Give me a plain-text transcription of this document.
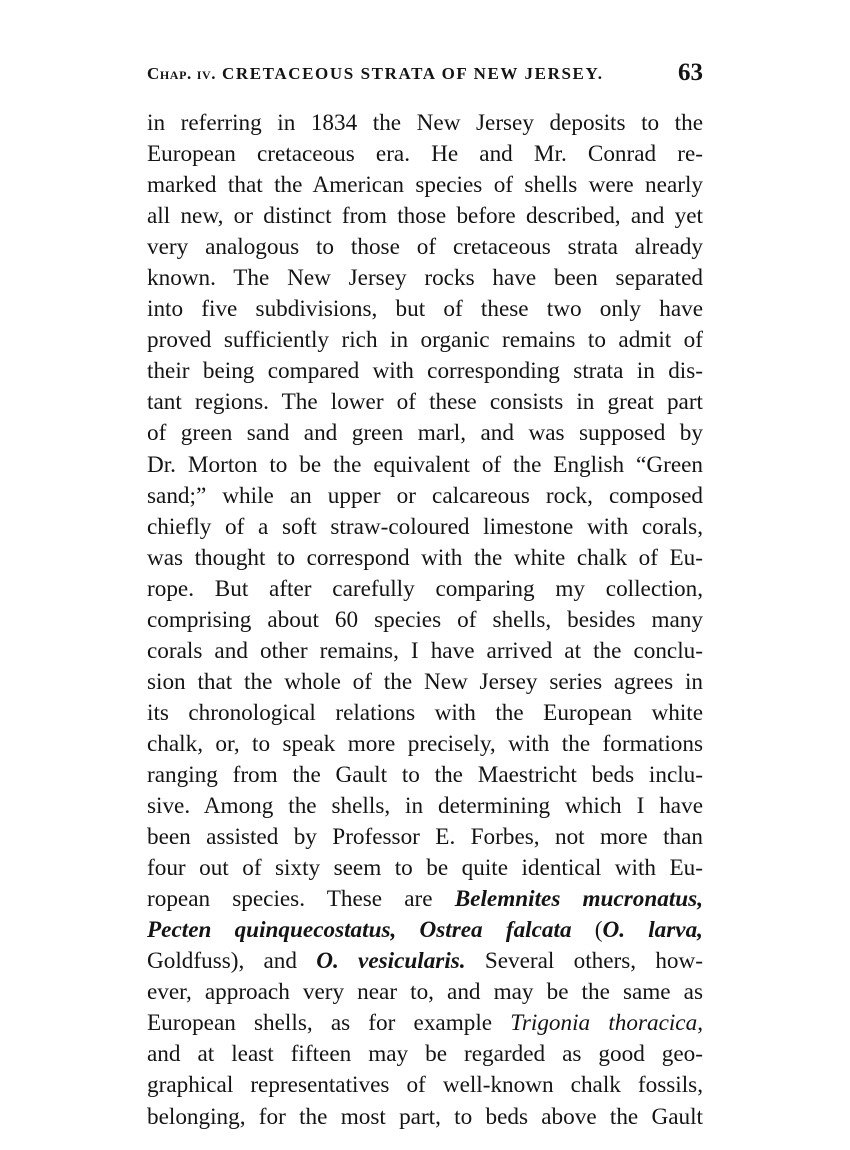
Chap. iv. CRETACEOUS STRATA OF NEW JERSEY.	63
in referring in 1834 the New Jersey deposits to the
European cretaceous era. He and Mr. Conrad re-
marked that the American species of shells were nearly
all new, or distinct from those before described, and yet
very analogous to those of cretaceous strata already
known. The New Jersey rocks have been separated
into five subdivisions, but of these two only have
proved sufficiently rich in organic remains to admit of
their being compared with corresponding strata in dis-
tant regions. The lower of these consists in great part
of green sand and green marl, and was supposed by
Dr. Morton to be the equivalent of the English “Green
sand;” while an upper or calcareous rock, composed
chiefly of a soft straw-coloured limestone with corals,
was thought to correspond with the white chalk of Eu-
rope. But after carefully comparing my collection,
comprising about 60 species of shells, besides many
corals and other remains, I have arrived at the conclu-
sion that the whole of the New Jersey series agrees in
its chronological relations with the European white
chalk, or, to speak more precisely, with the formations
ranging from the Gault to the Maestricht beds inclu-
sive. Among the shells, in determining which I have
been assisted by Professor E. Forbes, not more than
four out of sixty seem to be quite identical with Eu-
ropean species. These are Belemnites mucronatus,
Pecten quinquecostatus, Ostrea falcata (O. larva,
Goldfuss), and O. vesicularis. Several others, how-
ever, approach very near to, and may be the same as
European shells, as for example Trigonia thoracica,
and at least fifteen may be regarded as good geo-
graphical representatives of well-known chalk fossils,
belonging, for the most part, to beds above the Gault
